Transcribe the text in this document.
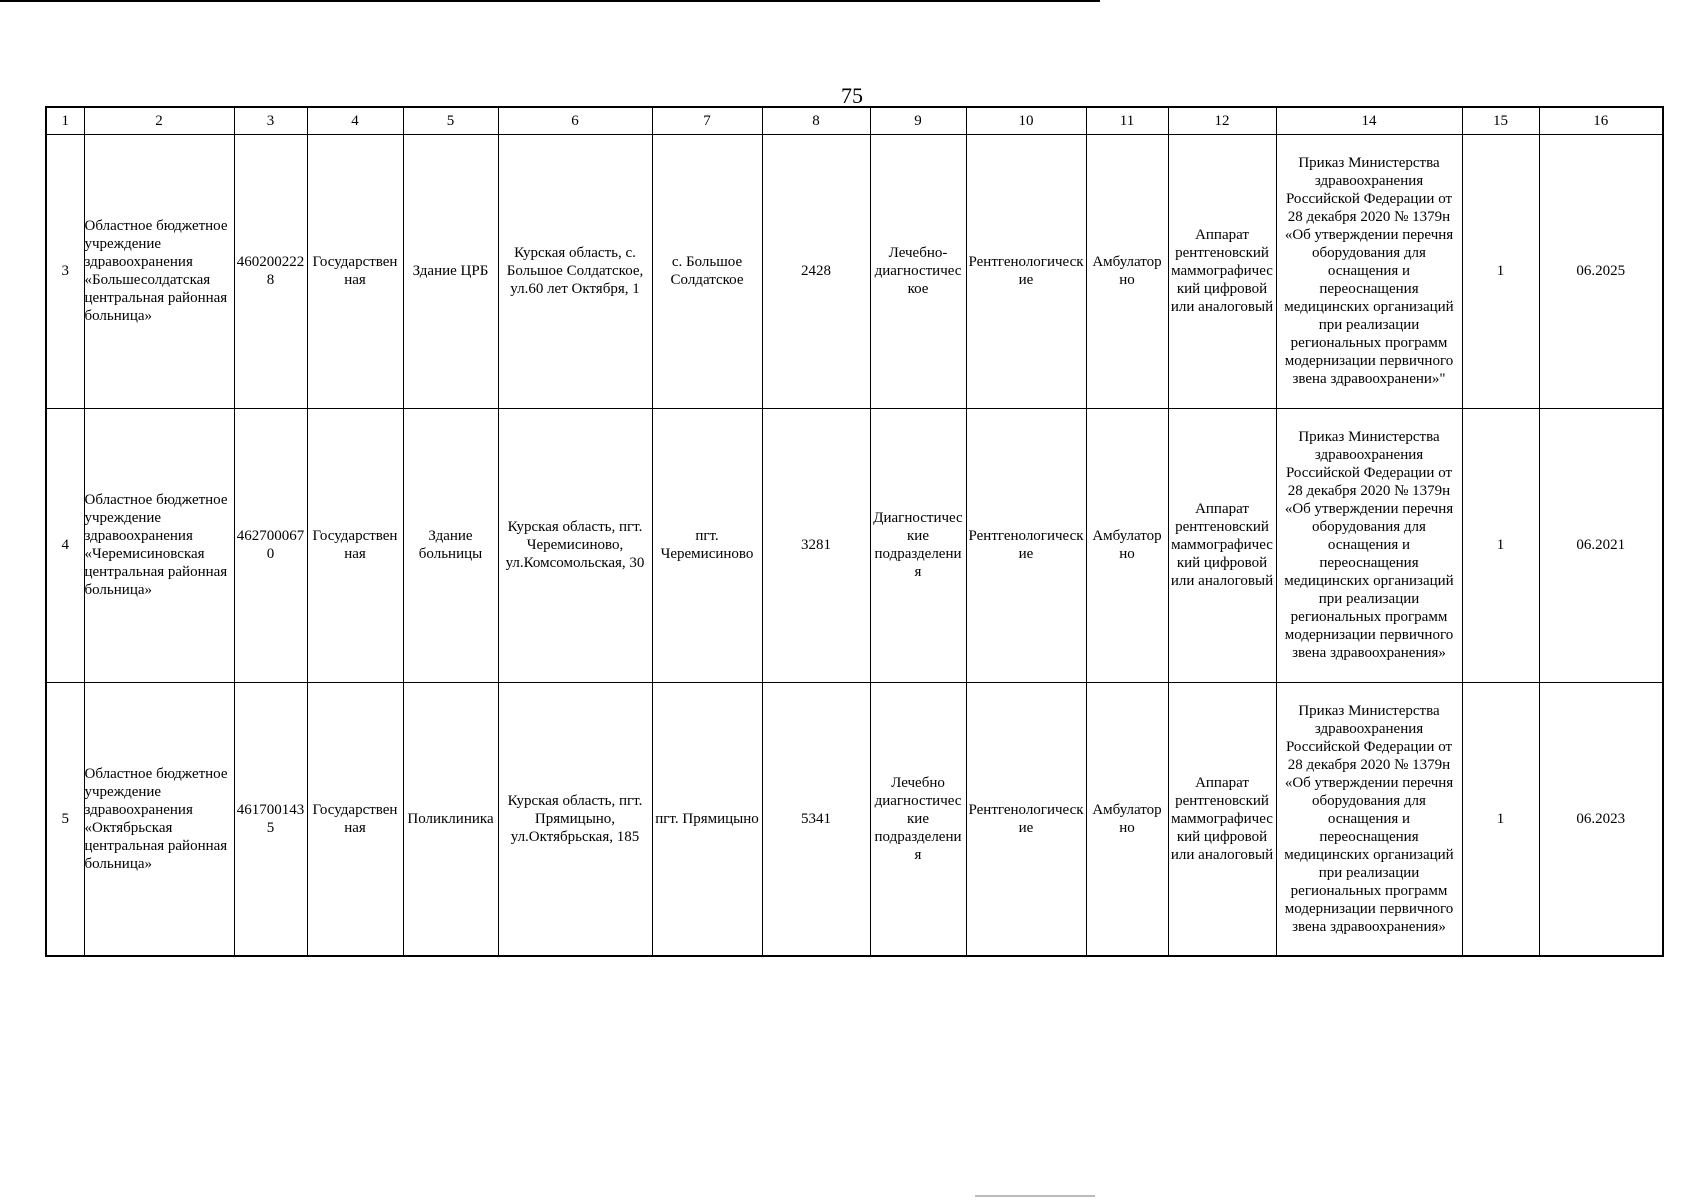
75
1	2	3	4	5	6	7	8	9	10	11	12	14	15	16
3	Областное бюджетное учреждение здравоохранения «Большесолдатская центральная районная больница»	4602002228	Государственная	Здание ЦРБ	Курская область, с. Большое Солдатское, ул.60 лет Октября, 1	с. Большое Солдатское	2428	Лечебно-диагностическое	Рентгенологические	Амбулаторно	Аппарат рентгеновский маммографический цифровой или аналоговый	Приказ Министерства здравоохранения Российской Федерации от 28 декабря 2020 № 1379н «Об утверждении перечня оборудования для оснащения и переоснащения медицинских организаций при реализации региональных программ модернизации первичного звена здравоохранени»"	1	06.2025
4	Областное бюджетное учреждение здравоохранения «Черемисиновская центральная районная больница»	4627000670	Государственная	Здание больницы	Курская область, пгт. Черемисиново, ул.Комсомольская, 30	пгт. Черемисиново	3281	Диагностические подразделения	Рентгенологические	Амбулаторно	Аппарат рентгеновский маммографический цифровой или аналоговый	Приказ Министерства здравоохранения Российской Федерации от 28 декабря 2020 № 1379н «Об утверждении перечня оборудования для оснащения и переоснащения медицинских организаций при реализации региональных программ модернизации первичного звена здравоохранения»	1	06.2021
5	Областное бюджетное учреждение здравоохранения «Октябрьская центральная районная больница»	4617001435	Государственная	Поликлиника	Курская область, пгт. Прямицыно, ул.Октябрьская, 185	пгт. Прямицыно	5341	Лечебно диагностические подразделения	Рентгенологические	Амбулаторно	Аппарат рентгеновский маммографический цифровой или аналоговый	Приказ Министерства здравоохранения Российской Федерации от 28 декабря 2020 № 1379н «Об утверждении перечня оборудования для оснащения и переоснащения медицинских организаций при реализации региональных программ модернизации первичного звена здравоохранения»	1	06.2023
